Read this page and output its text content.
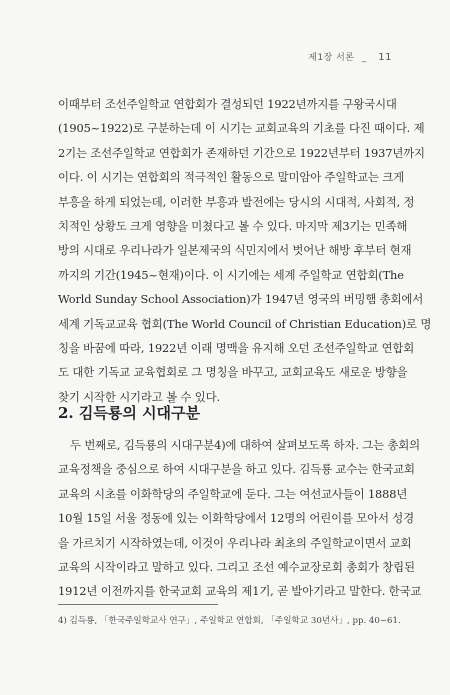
제1장 서론 _ 11
이때부터 조선주일학교 연합회가 결성되던 1922년까지를 구왕국시대
(1905~1922)로 구분하는데 이 시기는 교회교육의 기초를 다진 때이다. 제
2기는 조선주일학교 연합회가 존재하던 기간으로 1922년부터 1937년까지
이다. 이 시기는 연합회의 적극적인 활동으로 말미암아 주일학교는 크게
부흥을 하게 되었는데, 이러한 부흥과 발전에는 당시의 시대적, 사회적, 정
치적인 상황도 크게 영향을 미쳤다고 볼 수 있다. 마지막 제3기는 민족해
방의 시대로 우리나라가 일본제국의 식민지에서 벗어난 해방 후부터 현재
까지의 기간(1945~현재)이다. 이 시기에는 세계 주일학교 연합회(The
World Sunday School Association)가 1947년 영국의 버밍햄 총회에서
세계 기독교교육 협회(The World Council of Christian Education)로 명
칭을 바꿈에 따라, 1922년 이래 명맥을 유지해 오던 조선주일학교 연합회
도 대한 기독교 교육협회로 그 명칭을 바꾸고, 교회교육도 새로운 방향을
찾기 시작한 시기라고 볼 수 있다.
2. 김득룡의 시대구분
두 번째로, 김득룡의 시대구분4)에 대하여 살펴보도록 하자. 그는 총회의
교육정책을 중심으로 하여 시대구분을 하고 있다. 김득룡 교수는 한국교회
교육의 시초를 이화학당의 주일학교에 둔다. 그는 여선교사들이 1888년
10월 15일 서울 정동에 있는 이화학당에서 12명의 어린이를 모아서 성경
을 가르치기 시작하였는데, 이것이 우리나라 최초의 주일학교이면서 교회
교육의 시작이라고 말하고 있다. 그리고 조선 예수교장로회 총회가 창립된
1912년 이전까지를 한국교회 교육의 제1기, 곧 발아기라고 말한다. 한국교
4) 김득룡, 「한국주일학교사 연구」, 주일학교 연합회, 「주일학교 30년사」, pp. 40~61.
